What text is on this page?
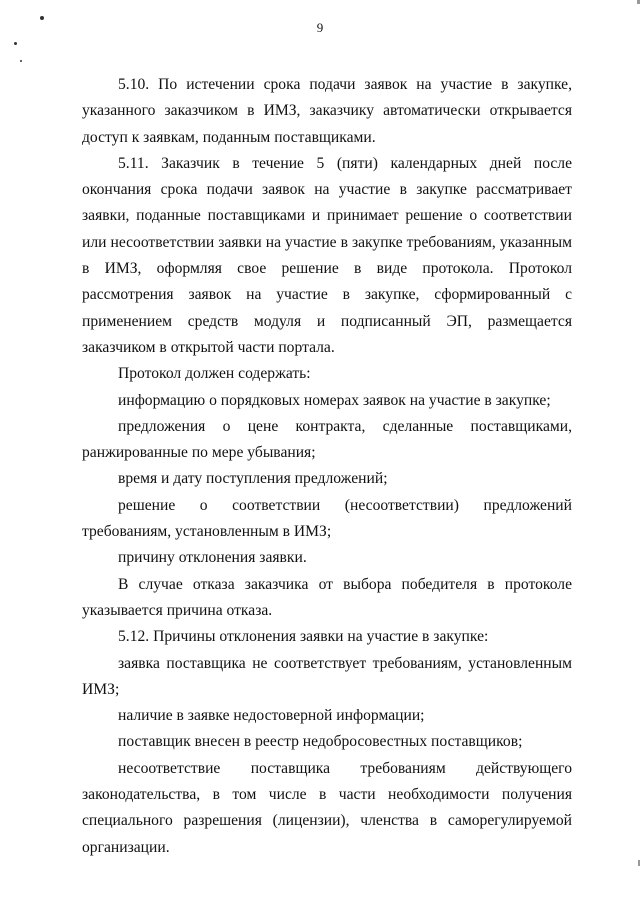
9

5.10. По истечении срока подачи заявок на участие в закупке, указанного заказчиком в ИМЗ, заказчику автоматически открывается доступ к заявкам, поданным поставщиками.

5.11. Заказчик в течение 5 (пяти) календарных дней после окончания срока подачи заявок на участие в закупке рассматривает заявки, поданные поставщиками и принимает решение о соответствии или несоответствии заявки на участие в закупке требованиям, указанным в ИМЗ, оформляя свое решение в виде протокола. Протокол рассмотрения заявок на участие в закупке, сформированный с применением средств модуля и подписанный ЭП, размещается заказчиком в открытой части портала.

Протокол должен содержать:

информацию о порядковых номерах заявок на участие в закупке;

предложения о цене контракта, сделанные поставщиками, ранжированные по мере убывания;

время и дату поступления предложений;

решение о соответствии (несоответствии) предложений требованиям, установленным в ИМЗ;

причину отклонения заявки.

В случае отказа заказчика от выбора победителя в протоколе указывается причина отказа.

5.12. Причины отклонения заявки на участие в закупке:

заявка поставщика не соответствует требованиям, установленным ИМЗ;

наличие в заявке недостоверной информации;

поставщик внесен в реестр недобросовестных поставщиков;

несоответствие поставщика требованиям действующего законодательства, в том числе в части необходимости получения специального разрешения (лицензии), членства в саморегулируемой организации.
